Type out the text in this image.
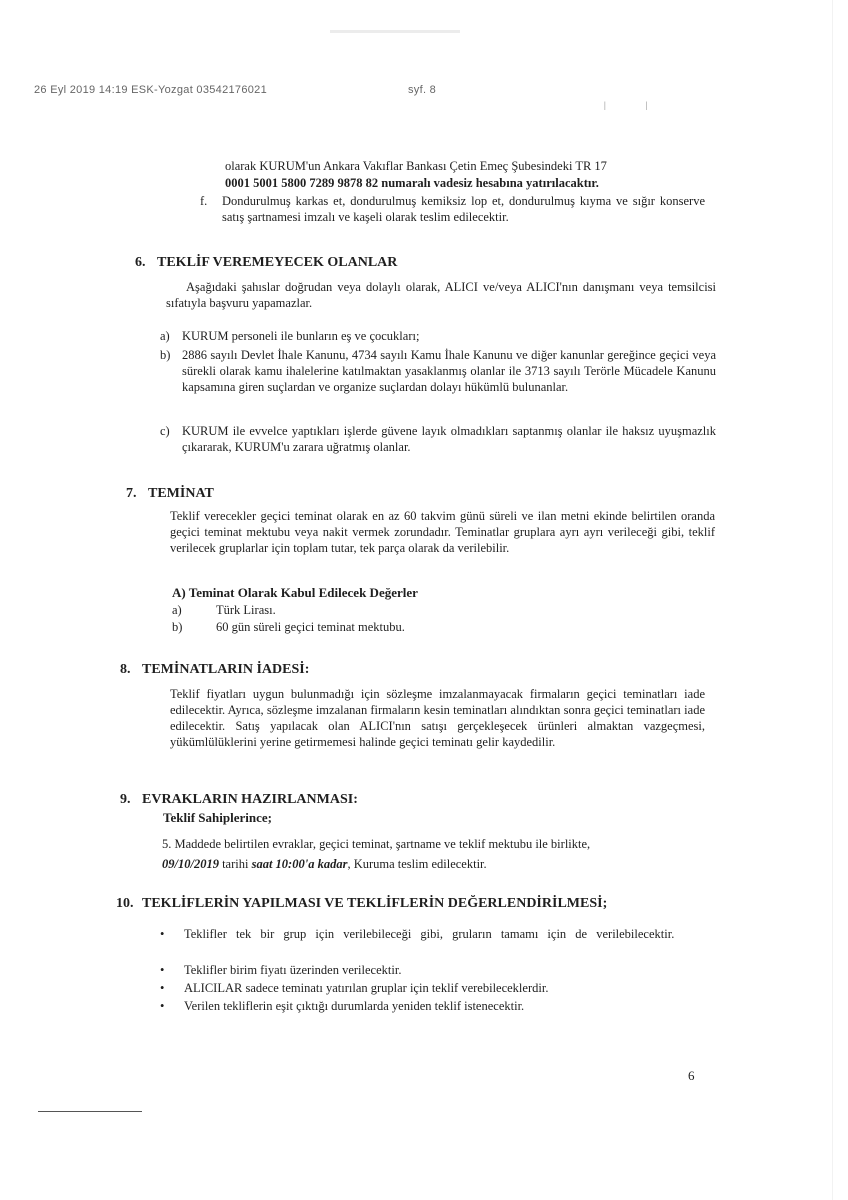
26 Eyl 2019 14:19 ESK-Yozgat 03542176021	syf. 8
|	|
olarak KURUM'un Ankara Vakıflar Bankası Çetin Emeç Şubesindeki TR 17
0001 5001 5800 7289 9878 82 numaralı vadesiz hesabına yatırılacaktır.
f. Dondurulmuş karkas et, dondurulmuş kemiksiz lop et, dondurulmuş kıyma ve sığır konserve satış şartnamesi imzalı ve kaşeli olarak teslim edilecektir.
6. TEKLİF VEREMEYECEK OLANLAR
Aşağıdaki şahıslar doğrudan veya dolaylı olarak, ALICI ve/veya ALICI'nın danışmanı veya temsilcisi sıfatıyla başvuru yapamazlar.
a) KURUM personeli ile bunların eş ve çocukları;
b) 2886 sayılı Devlet İhale Kanunu, 4734 sayılı Kamu İhale Kanunu ve diğer kanunlar gereğince geçici veya sürekli olarak kamu ihalelerine katılmaktan yasaklanmış olanlar ile 3713 sayılı Terörle Mücadele Kanunu kapsamına giren suçlardan ve organize suçlardan dolayı hükümlü bulunanlar.
c) KURUM ile evvelce yaptıkları işlerde güvene layık olmadıkları saptanmış olanlar ile haksız uyuşmazlık çıkararak, KURUM'u zarara uğratmış olanlar.
7. TEMİNAT
Teklif verecekler geçici teminat olarak en az 60 takvim günü süreli ve ilan metni ekinde belirtilen oranda geçici teminat mektubu veya nakit vermek zorundadır. Teminatlar gruplara ayrı ayrı verileceği gibi, teklif verilecek gruplarlar için toplam tutar, tek parça olarak da verilebilir.
A) Teminat Olarak Kabul Edilecek Değerler
a)	Türk Lirası.
b)	60 gün süreli geçici teminat mektubu.
8. TEMİNATLARIN İADESİ:
Teklif fiyatları uygun bulunmadığı için sözleşme imzalanmayacak firmaların geçici teminatları iade edilecektir. Ayrıca, sözleşme imzalanan firmaların kesin teminatları alındıktan sonra geçici teminatları iade edilecektir. Satış yapılacak olan ALICI'nın satışı gerçekleşecek ürünleri almaktan vazgeçmesi, yükümlülüklerini yerine getirmemesi halinde geçici teminatı gelir kaydedilir.
9. EVRAKLARIN HAZIRLANMASI:
Teklif Sahiplerince;
5. Maddede belirtilen evraklar, geçici teminat, şartname ve teklif mektubu ile birlikte,
09/10/2019 tarihi saat 10:00'a kadar, Kuruma teslim edilecektir.
10. TEKLİFLERİN YAPILMASI VE TEKLİFLERİN DEĞERLENDİRİLMESİ;
• Teklifler tek bir grup için verilebileceği gibi, gruların tamamı için de verilebilecektir.
• Teklifler birim fiyatı üzerinden verilecektir.
• ALICILAR sadece teminatı yatırılan gruplar için teklif verebileceklerdir.
• Verilen tekliflerin eşit çıktığı durumlarda yeniden teklif istenecektir.
6
